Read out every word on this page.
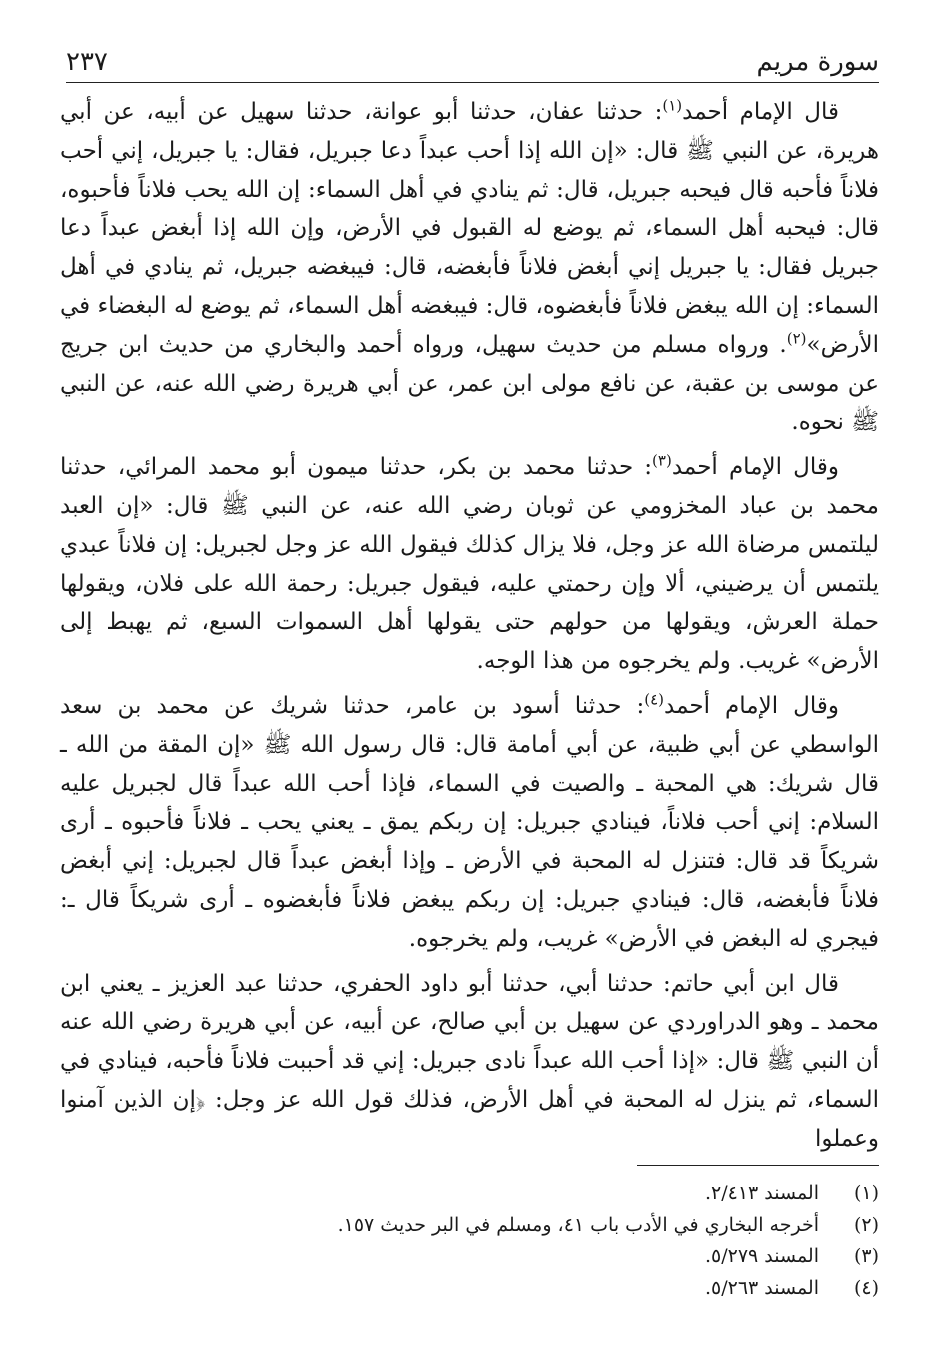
سورة مريم
٢٣٧

قال الإمام أحمد$^{(١)}$: حدثنا عفان، حدثنا أبو عوانة، حدثنا سهيل عن أبيه، عن أبي هريرة، عن النبي ﷺ قال: «إن الله إذا أحب عبداً دعا جبريل، فقال: يا جبريل، إني أحب فلاناً فأحبه قال فيحبه جبريل، قال: ثم ينادي في أهل السماء: إن الله يحب فلاناً فأحبوه، قال: فيحبه أهل السماء، ثم يوضع له القبول في الأرض، وإن الله إذا أبغض عبداً دعا جبريل فقال: يا جبريل إني أبغض فلاناً فأبغضه، قال: فيبغضه جبريل، ثم ينادي في أهل السماء: إن الله يبغض فلاناً فأبغضوه، قال: فيبغضه أهل السماء، ثم يوضع له البغضاء في الأرض»$^{(٢)}$. ورواه مسلم من حديث سهيل، ورواه أحمد والبخاري من حديث ابن جريج عن موسى بن عقبة، عن نافع مولى ابن عمر، عن أبي هريرة رضي الله عنه، عن النبي ﷺ نحوه.

وقال الإمام أحمد$^{(٣)}$: حدثنا محمد بن بكر، حدثنا ميمون أبو محمد المرائي، حدثنا محمد بن عباد المخزومي عن ثوبان رضي الله عنه، عن النبي ﷺ قال: «إن العبد ليلتمس مرضاة الله عز وجل، فلا يزال كذلك فيقول الله عز وجل لجبريل: إن فلاناً عبدي يلتمس أن يرضيني، ألا وإن رحمتي عليه، فيقول جبريل: رحمة الله على فلان، ويقولها حملة العرش، ويقولها من حولهم حتى يقولها أهل السموات السبع، ثم يهبط إلى الأرض» غريب. ولم يخرجوه من هذا الوجه.

وقال الإمام أحمد$^{(٤)}$: حدثنا أسود بن عامر، حدثنا شريك عن محمد بن سعد الواسطي عن أبي ظبية، عن أبي أمامة قال: قال رسول الله ﷺ «إن المقة من الله ـ قال شريك: هي المحبة ـ والصيت في السماء، فإذا أحب الله عبداً قال لجبريل عليه السلام: إني أحب فلاناً، فينادي جبريل: إن ربكم يمق ـ يعني يحب ـ فلاناً فأحبوه ـ أرى شريكاً قد قال: فتنزل له المحبة في الأرض ـ وإذا أبغض عبداً قال لجبريل: إني أبغض فلاناً فأبغضه، قال: فينادي جبريل: إن ربكم يبغض فلاناً فأبغضوه ـ أرى شريكاً قال ـ: فيجري له البغض في الأرض» غريب، ولم يخرجوه.

قال ابن أبي حاتم: حدثنا أبي، حدثنا أبو داود الحفري، حدثنا عبد العزيز ـ يعني ابن محمد ـ وهو الدراوردي عن سهيل بن أبي صالح، عن أبيه، عن أبي هريرة رضي الله عنه أن النبي ﷺ قال: «إذا أحب الله عبداً نادى جبريل: إني قد أحببت فلاناً فأحبه، فينادي في السماء، ثم ينزل له المحبة في أهل الأرض، فذلك قول الله عز وجل: ﴿إن الذين آمنوا وعملوا

(١)
المسند ٢/٤١٣.
(٢)
أخرجه البخاري في الأدب باب ٤١، ومسلم في البر حديث ١٥٧.
(٣)
المسند ٥/٢٧٩.
(٤)
المسند ٥/٢٦٣.
